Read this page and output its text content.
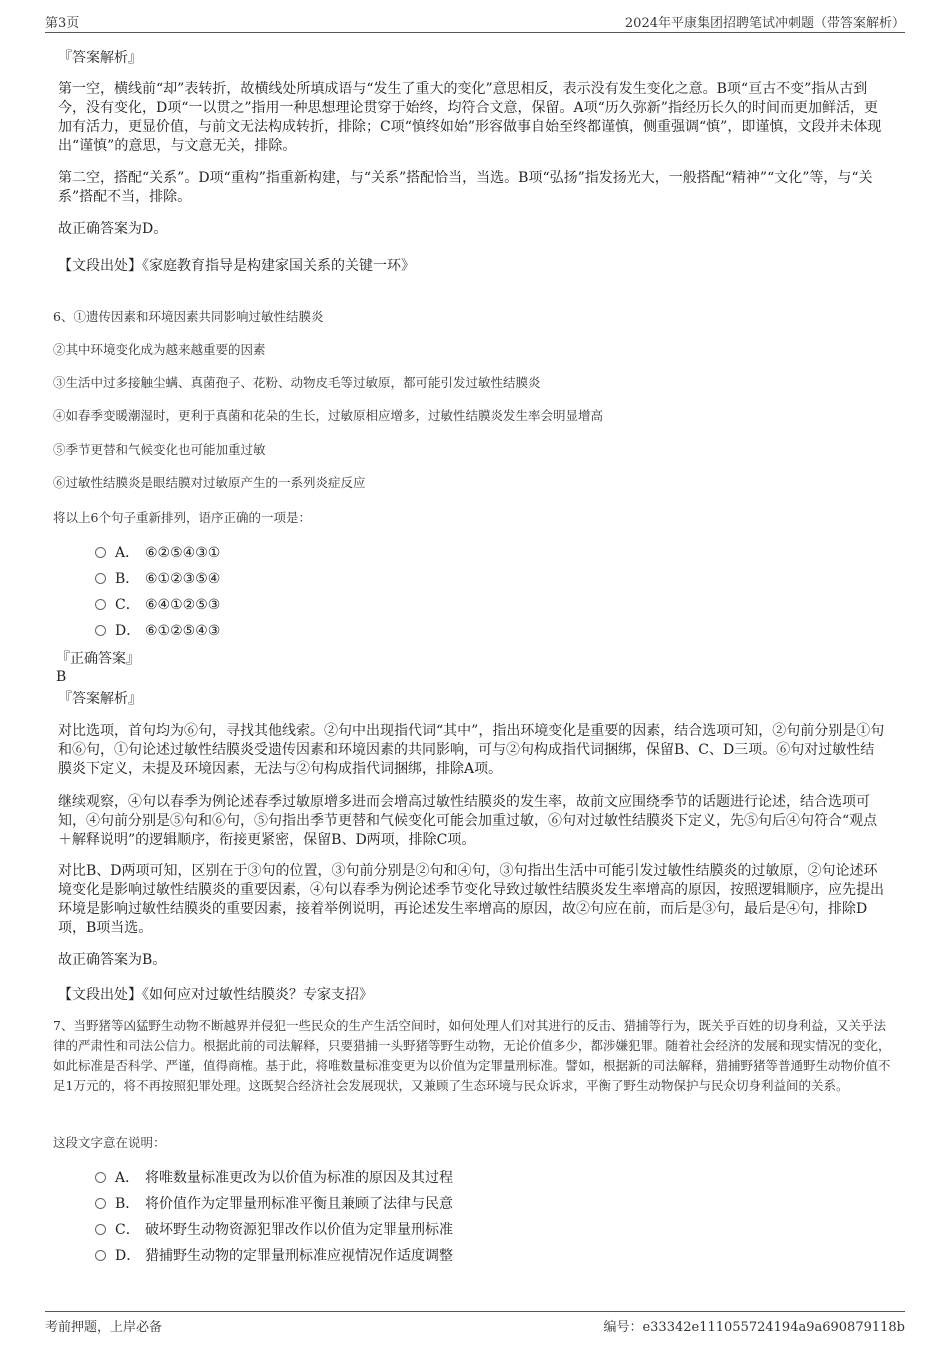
第3页	2024年平康集团招聘笔试冲刺题（带答案解析）

『答案解析』

第一空，横线前“却”表转折，故横线处所填成语与“发生了重大的变化”意思相反，表示没有发生变化之意。B项“亘古不变”指从古到今，没有变化，D项“一以贯之”指用一种思想理论贯穿于始终，均符合文意，保留。A项“历久弥新”指经历长久的时间而更加鲜活，更加有活力，更显价值，与前文无法构成转折，排除；C项“慎终如始”形容做事自始至终都谨慎，侧重强调“慎”，即谨慎，文段并未体现出“谨慎”的意思，与文意无关，排除。

第二空，搭配“关系”。D项“重构”指重新构建，与“关系”搭配恰当，当选。B项“弘扬”指发扬光大，一般搭配“精神”“文化”等，与“关系”搭配不当，排除。

故正确答案为D。

【文段出处】《家庭教育指导是构建家国关系的关键一环》

6、①遗传因素和环境因素共同影响过敏性结膜炎
②其中环境变化成为越来越重要的因素
③生活中过多接触尘螨、真菌孢子、花粉、动物皮毛等过敏原，都可能引发过敏性结膜炎
④如春季变暖潮湿时，更利于真菌和花朵的生长，过敏原相应增多，过敏性结膜炎发生率会明显增高
⑤季节更替和气候变化也可能加重过敏
⑥过敏性结膜炎是眼结膜对过敏原产生的一系列炎症反应
将以上6个句子重新排列，语序正确的一项是：
A． ⑥②⑤④③①
B． ⑥①②③⑤④
C． ⑥④①②⑤③
D． ⑥①②⑤④③

『正确答案』

B

『答案解析』

对比选项，首句均为⑥句，寻找其他线索。②句中出现指代词“其中”，指出环境变化是重要的因素，结合选项可知，②句前分别是①句和⑥句，①句论述过敏性结膜炎受遗传因素和环境因素的共同影响，可与②句构成指代词捆绑，保留B、C、D三项。⑥句对过敏性结膜炎下定义，未提及环境因素，无法与②句构成指代词捆绑，排除A项。

继续观察，④句以春季为例论述春季过敏原增多进而会增高过敏性结膜炎的发生率，故前文应围绕季节的话题进行论述，结合选项可知，④句前分别是⑤句和⑥句，⑤句指出季节更替和气候变化可能会加重过敏，⑥句对过敏性结膜炎下定义，先⑤句后④句符合“观点＋解释说明”的逻辑顺序，衔接更紧密，保留B、D两项，排除C项。

对比B、D两项可知，区别在于③句的位置，③句前分别是②句和④句，③句指出生活中可能引发过敏性结膜炎的过敏原，②句论述环境变化是影响过敏性结膜炎的重要因素，④句以春季为例论述季节变化导致过敏性结膜炎发生率增高的原因，按照逻辑顺序，应先提出环境是影响过敏性结膜炎的重要因素，接着举例说明，再论述发生率增高的原因，故②句应在前，而后是③句，最后是④句，排除D项，B项当选。

故正确答案为B。

【文段出处】《如何应对过敏性结膜炎？专家支招》

7、当野猪等凶猛野生动物不断越界并侵犯一些民众的生产生活空间时，如何处理人们对其进行的反击、猎捕等行为，既关乎百姓的切身利益，又关乎法律的严肃性和司法公信力。根据此前的司法解释，只要猎捕一头野猪等野生动物，无论价值多少，都涉嫌犯罪。随着社会经济的发展和现实情况的变化，如此标准是否科学、严谨，值得商榷。基于此，将唯数量标准变更为以价值为定罪量刑标准。譬如，根据新的司法解释，猎捕野猪等普通野生动物价值不足1万元的，将不再按照犯罪处理。这既契合经济社会发展现状，又兼顾了生态环境与民众诉求，平衡了野生动物保护与民众切身利益间的关系。
这段文字意在说明：
A． 将唯数量标准更改为以价值为标准的原因及其过程
B． 将价值作为定罪量刑标准平衡且兼顾了法律与民意
C． 破坏野生动物资源犯罪改作以价值为定罪量刑标准
D． 猎捕野生动物的定罪量刑标准应视情况作适度调整
考前押题，上岸必备	编号：e33342e111055724194a9a690879118b
